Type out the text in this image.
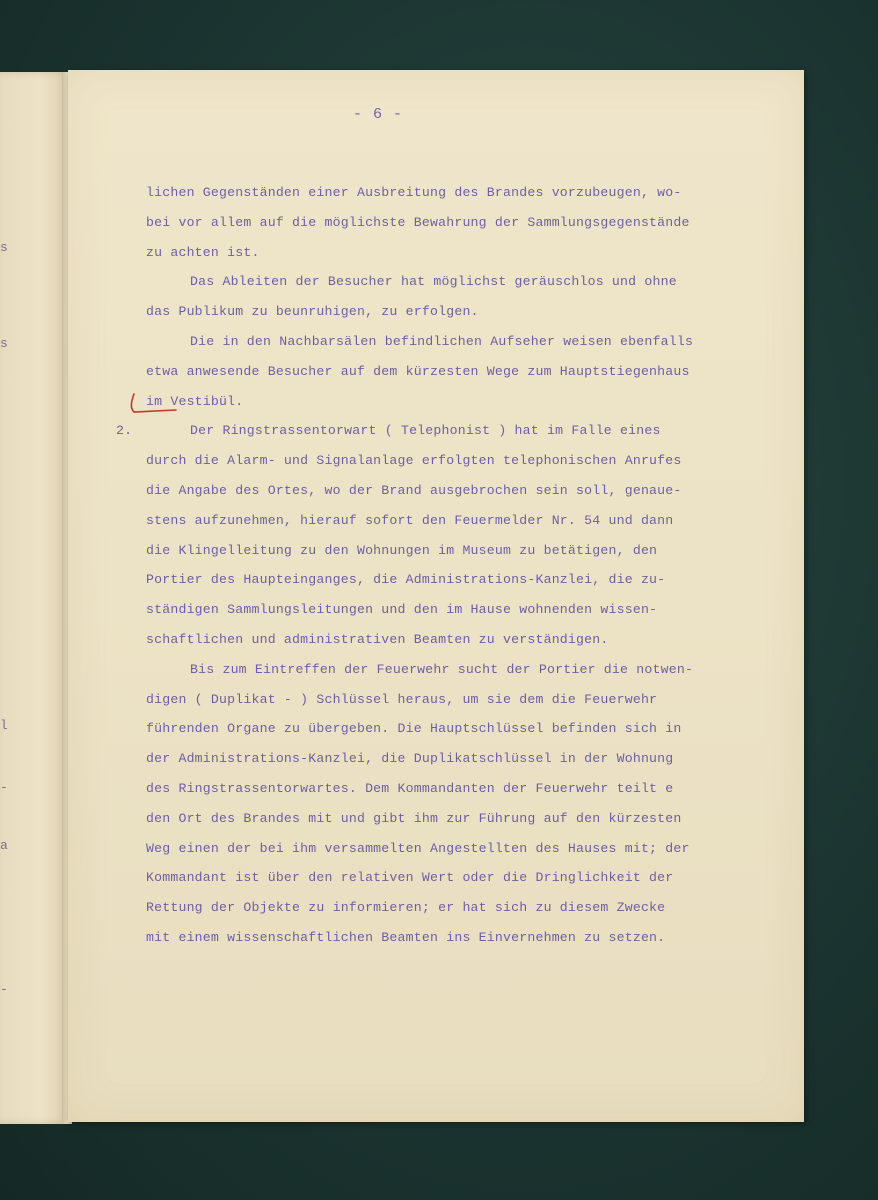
s
s
l
-
a
-
- 6 -
lichen Gegenständen einer Ausbreitung des Brandes vorzubeugen, wo-
bei vor allem auf die möglichste Bewahrung der Sammlungsgegenstände
zu achten ist.
Das Ableiten der Besucher hat möglichst geräuschlos und ohne
das Publikum zu beunruhigen, zu erfolgen.
Die in den Nachbarsälen befindlichen Aufseher weisen ebenfalls
etwa anwesende Besucher auf dem kürzesten Wege zum Hauptstiegenhaus
im Vestibül.
2.	Der Ringstrassentorwart ( Telephonist ) hat im Falle eines
durch die Alarm- und Signalanlage erfolgten telephonischen Anrufes
die Angabe des Ortes, wo der Brand ausgebrochen sein soll, genaue-
stens aufzunehmen, hierauf sofort den Feuermelder Nr. 54 und dann
die Klingelleitung zu den Wohnungen im Museum zu betätigen, den
Portier des Haupteinganges, die Administrations-Kanzlei, die zu-
ständigen Sammlungsleitungen und den im Hause wohnenden wissen-
schaftlichen und administrativen Beamten zu verständigen.
Bis zum Eintreffen der Feuerwehr sucht der Portier die notwen-
digen ( Duplikat - ) Schlüssel heraus, um sie dem die Feuerwehr
führenden Organe zu übergeben. Die Hauptschlüssel befinden sich in
der Administrations-Kanzlei, die Duplikatschlüssel in der Wohnung
des Ringstrassentorwartes. Dem Kommandanten der Feuerwehr teilt e
den Ort des Brandes mit und gibt ihm zur Führung auf den kürzesten
Weg einen der bei ihm versammelten Angestellten des Hauses mit; der
Kommandant ist über den relativen Wert oder die Dringlichkeit der
Rettung der Objekte zu informieren; er hat sich zu diesem Zwecke
mit einem wissenschaftlichen Beamten ins Einvernehmen zu setzen.
